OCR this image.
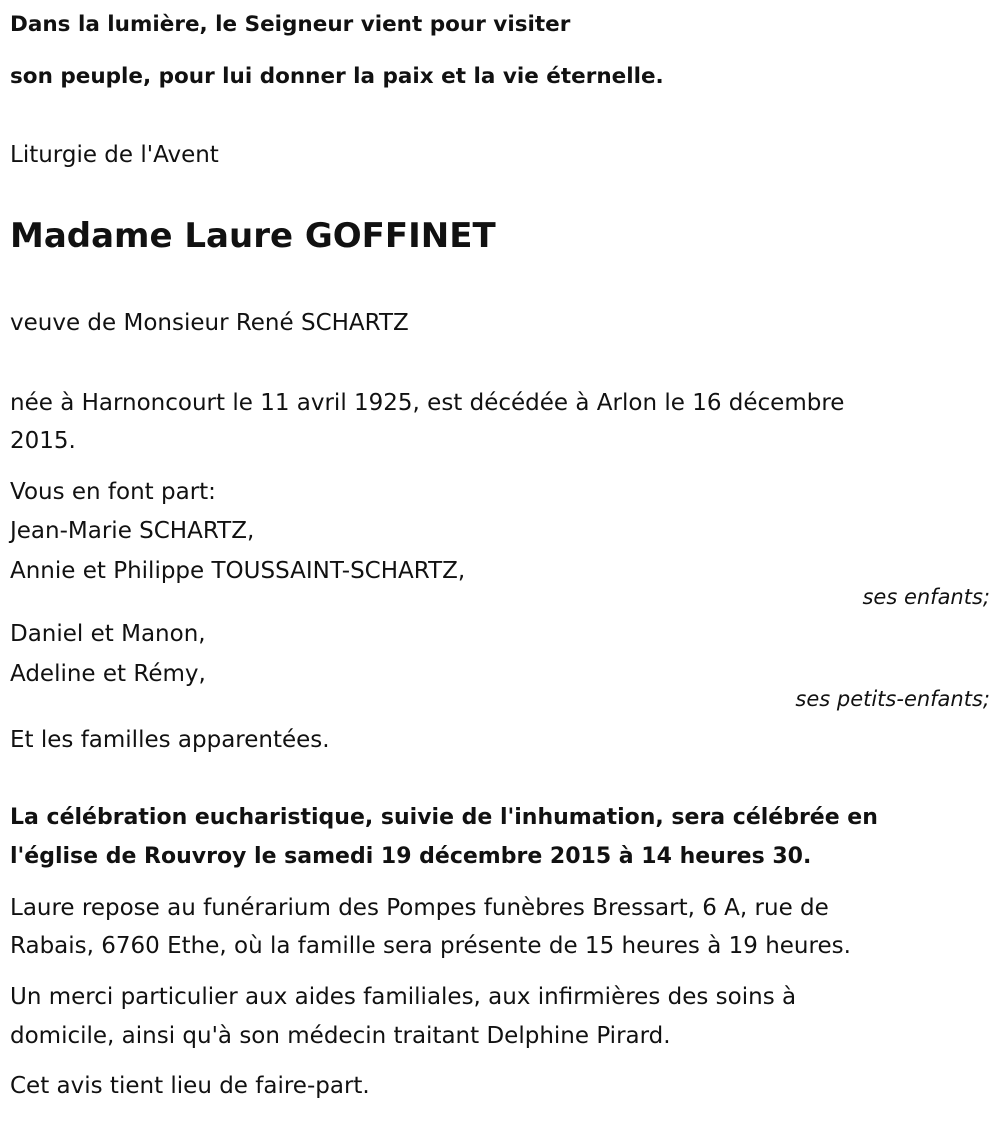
Dans la lumière, le Seigneur vient pour visiter
son peuple, pour lui donner la paix et la vie éternelle.
Liturgie de l'Avent
Madame Laure GOFFINET
veuve de Monsieur René SCHARTZ
née à Harnoncourt le 11 avril 1925, est décédée à Arlon le 16 décembre
2015.
Vous en font part:
Jean-Marie SCHARTZ,
Annie et Philippe TOUSSAINT-SCHARTZ,
ses enfants;
Daniel et Manon,
Adeline et Rémy,
ses petits-enfants;
Et les familles apparentées.
La célébration eucharistique, suivie de l'inhumation, sera célébrée en
l'église de Rouvroy le samedi 19 décembre 2015 à 14 heures 30.
Laure repose au funérarium des Pompes funèbres Bressart, 6 A, rue de
Rabais, 6760 Ethe, où la famille sera présente de 15 heures à 19 heures.
Un merci particulier aux aides familiales, aux infirmières des soins à
domicile, ainsi qu'à son médecin traitant Delphine Pirard.
Cet avis tient lieu de faire-part.
